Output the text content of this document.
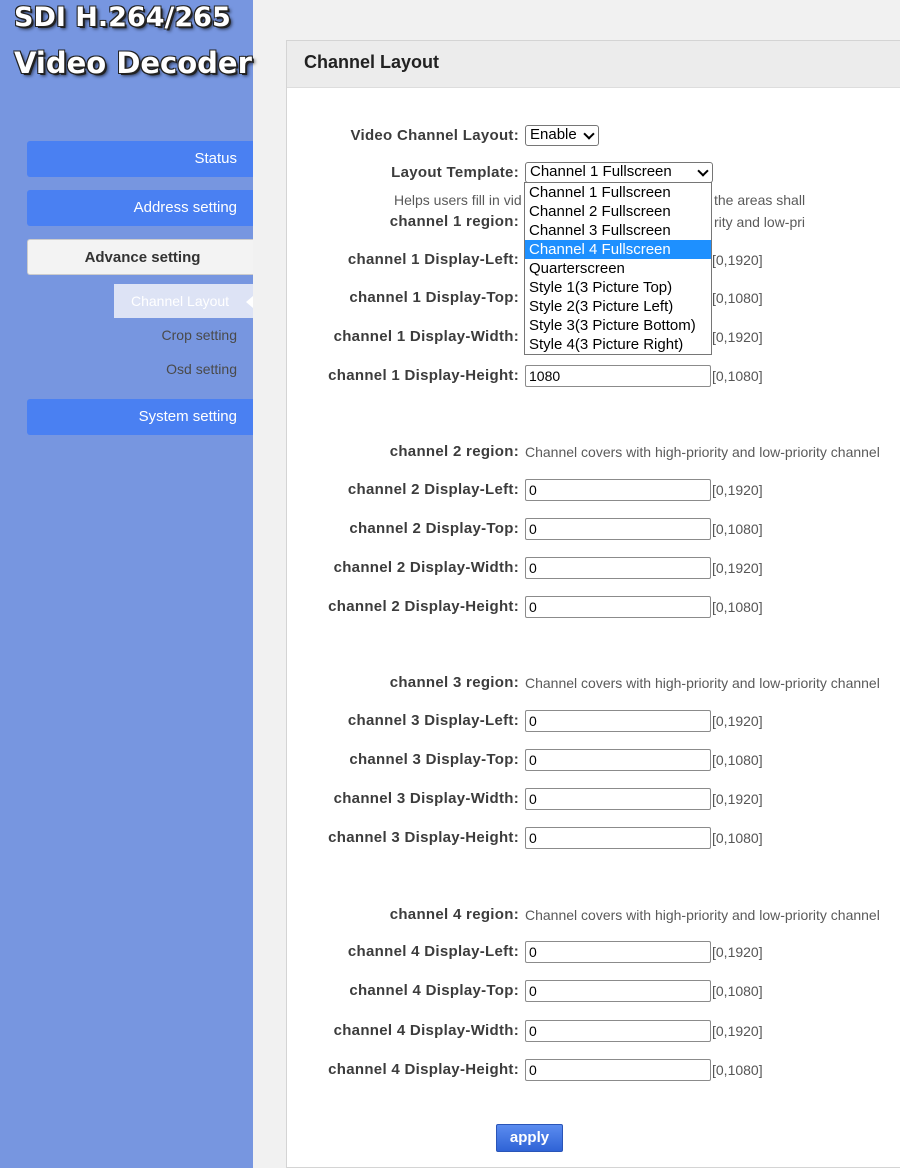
SDI H.264/265
Video Decoder
Status
Address setting
Advance setting
Channel Layout
Crop setting
Osd setting
System setting
Channel Layout
Video Channel Layout: Enable
Layout Template: Channel 1 Fullscreen
Helps users fill in vid	the areas shall
channel 1 region:	rity and low-pri
channel 1 Display-Left:	[0,1920]
channel 1 Display-Top:	[0,1080]
channel 1 Display-Width:	[0,1920]
channel 1 Display-Height:
1080	[0,1080]
channel 2 region: Channel covers with high-priority and low-priority channel
channel 2 Display-Left:
0	[0,1920]
channel 2 Display-Top:
0	[0,1080]
channel 2 Display-Width:
0	[0,1920]
channel 2 Display-Height:
0	[0,1080]
channel 3 region: Channel covers with high-priority and low-priority channel
channel 3 Display-Left:
0	[0,1920]
channel 3 Display-Top:
0	[0,1080]
channel 3 Display-Width:
0	[0,1920]
channel 3 Display-Height:
0	[0,1080]
channel 4 region: Channel covers with high-priority and low-priority channel
channel 4 Display-Left:
0	[0,1920]
channel 4 Display-Top:
0	[0,1080]
channel 4 Display-Width:
0	[0,1920]
channel 4 Display-Height:
0	[0,1080]
apply
Channel 1 Fullscreen
Channel 2 Fullscreen
Channel 3 Fullscreen
Channel 4 Fullscreen
Quarterscreen
Style 1(3 Picture Top)
Style 2(3 Picture Left)
Style 3(3 Picture Bottom)
Style 4(3 Picture Right)
